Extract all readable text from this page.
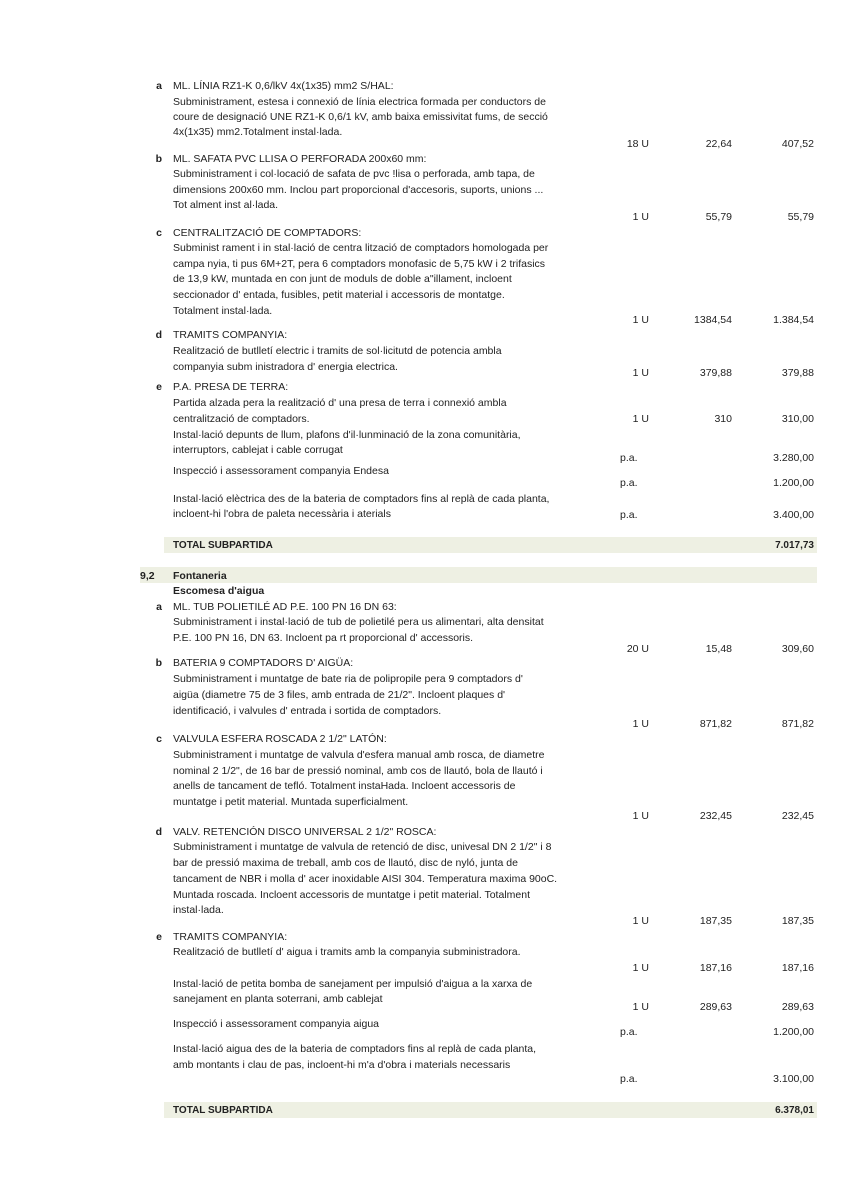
a ML. LÍNIA RZ1-K 0,6/lkV 4x(1x35) mm2 S/HAL:
Subministrament, estesa i connexió de línia electrica formada per conductors de
coure de designació UNE RZ1-K 0,6/1 kV, amb baixa emissivitat fums, de secció
4x(1x35) mm2.Totalment instal·lada.
18 U	22,64	407,52
b ML. SAFATA PVC LLISA O PERFORADA 200x60 mm:
Subministrament i col·locació de safata de pvc !lisa o perforada, amb tapa, de
dimensions 200x60 mm. Inclou part proporcional d'accesoris, suports, unions ...
Tot alment inst al·lada.
1 U	55,79	55,79
c CENTRALITZACIÓ DE COMPTADORS:
Subminist rament i in stal·lació de centra lització de comptadors homologada per
campa nyia, ti pus 6M+2T, pera 6 comptadors monofasic de 5,75 kW i 2 trifasics
de 13,9 kW, muntada en con junt de moduls de doble a"illament, incloent
seccionador d' entada, fusibles, petit material i accessoris de montatge.
Totalment instal·lada.
1 U	1384,54	1.384,54
d TRAMITS COMPANYIA:
Realització de butlletí electric i tramits de sol·licitutd de potencia ambla
companyia subm inistradora d' energia electrica.	1 U	379,88	379,88
e P.A. PRESA DE TERRA:
Partida alzada pera la realització d' una presa de terra i connexió ambla
centralització de comptadors.	1 U	310	310,00
Instal·lació depunts de llum, plafons d'il·lunminació de la zona comunitària,
interruptors, cablejat i cable corrugat
p.a.	3.280,00
Inspecció i assessorament companyia Endesa
p.a.	1.200,00
Instal·lació elèctrica des de la bateria de comptadors fins al replà de cada planta,
incloent-hi l'obra de paleta necessària i aterials	p.a.	3.400,00
TOTAL SUBPARTIDA	7.017,73
9,2 Fontaneria
Escomesa d'aigua
a ML. TUB POLIETILÉ AD P.E. 100 PN 16 DN 63:
Subministrament i instal·lació de tub de polietilé pera us alimentari, alta densitat
P.E. 100 PN 16, DN 63. Incloent pa rt proporcional d' accessoris.
20 U	15,48	309,60
b BATERIA 9 COMPTADORS D' AIGÜA:
Subministrament i muntatge de bate ria de polipropile pera 9 comptadors d'
aigüa (diametre 75 de 3 files, amb entrada de 21/2". Incloent plaques d'
identificació, i valvules d' entrada i sortida de comptadors.
1 U	871,82	871,82
c VALVULA ESFERA ROSCADA 2 1/2" LATÓN:
Subministrament i muntatge de valvula d'esfera manual amb rosca, de diametre
nominal 2 1/2", de 16 bar de pressió nominal, amb cos de llautó, bola de llautó i
anells de tancament de tefló. Totalment instaHada. Incloent accessoris de
muntatge i petit material. Muntada superficialment.
1 U	232,45	232,45
d VALV. RETENCIÓN DISCO UNIVERSAL 2 1/2" ROSCA:
Subministrament i muntatge de valvula de retenció de disc, univesal DN 2 1/2" i 8
bar de pressió maxima de treball, amb cos de llautó, disc de nyló, junta de
tancament de NBR i molla d' acer inoxidable AISI 304. Temperatura maxima 90oC.
Muntada roscada. Incloent accessoris de muntatge i petit material. Totalment
instal·lada.
1 U	187,35	187,35
e TRAMITS COMPANYIA:
Realització de butlletí d' aigua i tramits amb la companyia subministradora.
1 U	187,16	187,16
Instal·lació de petita bomba de sanejament per impulsió d'aigua a la xarxa de
sanejament en planta soterrani, amb cablejat
1 U	289,63	289,63
Inspecció i assessorament companyia aigua
p.a.	1.200,00
Instal·lació aigua des de la bateria de comptadors fins al replà de cada planta,
amb montants i clau de pas, incloent-hi m'a d'obra i materials necessaris
p.a.	3.100,00
TOTAL SUBPARTIDA	6.378,01
